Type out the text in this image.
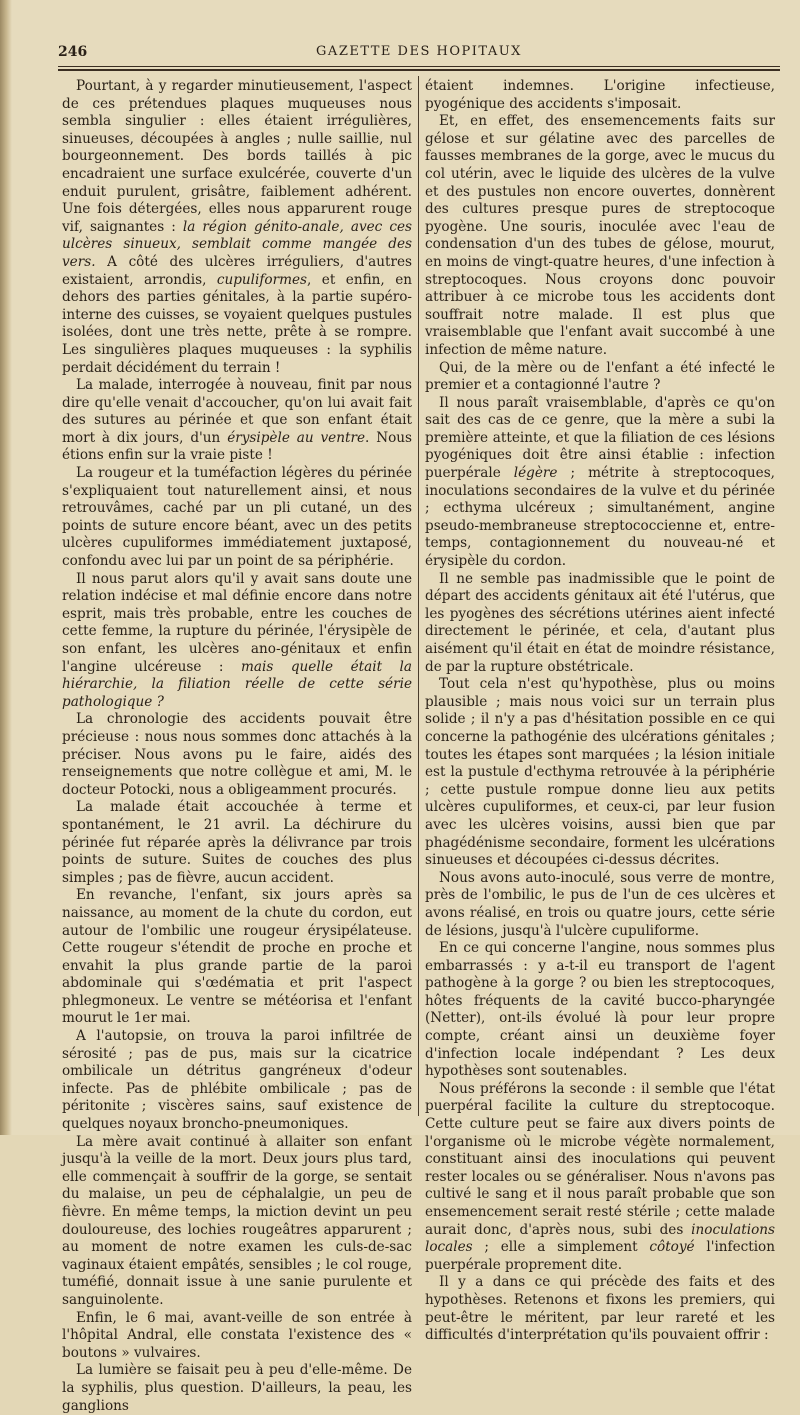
GAZETTE DES HOPITAUX
246

Pourtant, à y regarder minutieusement, l'aspect de ces prétendues plaques muqueuses nous sembla singulier : elles étaient irrégulières, sinueuses, découpées à angles ; nulle saillie, nul bourgeonnement. Des bords taillés à pic encadraient une surface exulcérée, couverte d'un enduit purulent, grisâtre, faiblement adhérent. Une fois détergées, elles nous apparurent rouge vif, saignantes : la région génito-anale, avec ces ulcères sinueux, semblait comme mangée des vers. A côté des ulcères irréguliers, d'autres existaient, arrondis, cupuliformes, et enfin, en dehors des parties génitales, à la partie supéro-interne des cuisses, se voyaient quelques pustules isolées, dont une très nette, prête à se rompre. Les singulières plaques muqueuses : la syphilis perdait décidément du terrain !

La malade, interrogée à nouveau, finit par nous dire qu'elle venait d'accoucher, qu'on lui avait fait des sutures au périnée et que son enfant était mort à dix jours, d'un érysipèle au ventre. Nous étions enfin sur la vraie piste !

La rougeur et la tuméfaction légères du périnée s'expliquaient tout naturellement ainsi, et nous retrouvâmes, caché par un pli cutané, un des points de suture encore béant, avec un des petits ulcères cupuliformes immédiatement juxtaposé, confondu avec lui par un point de sa périphérie.

Il nous parut alors qu'il y avait sans doute une relation indécise et mal définie encore dans notre esprit, mais très probable, entre les couches de cette femme, la rupture du périnée, l'érysipèle de son enfant, les ulcères ano-génitaux et enfin l'angine ulcéreuse : mais quelle était la hiérarchie, la filiation réelle de cette série pathologique ?

La chronologie des accidents pouvait être précieuse : nous nous sommes donc attachés à la préciser. Nous avons pu le faire, aidés des renseignements que notre collègue et ami, M. le docteur Potocki, nous a obligeamment procurés.

La malade était accouchée à terme et spontanément, le 21 avril. La déchirure du périnée fut réparée après la délivrance par trois points de suture. Suites de couches des plus simples ; pas de fièvre, aucun accident.

En revanche, l'enfant, six jours après sa naissance, au moment de la chute du cordon, eut autour de l'ombilic une rougeur érysipélateuse. Cette rougeur s'étendit de proche en proche et envahit la plus grande partie de la paroi abdominale qui s'œdématia et prit l'aspect phlegmoneux. Le ventre se météorisa et l'enfant mourut le 1er mai.

A l'autopsie, on trouva la paroi infiltrée de sérosité ; pas de pus, mais sur la cicatrice ombilicale un détritus gangréneux d'odeur infecte. Pas de phlébite ombilicale ; pas de péritonite ; viscères sains, sauf existence de quelques noyaux broncho-pneumoniques.

La mère avait continué à allaiter son enfant jusqu'à la veille de la mort. Deux jours plus tard, elle commençait à souffrir de la gorge, se sentait du malaise, un peu de céphalalgie, un peu de fièvre. En même temps, la miction devint un peu douloureuse, des lochies rougeâtres apparurent ; au moment de notre examen les culs-de-sac vaginaux étaient empâtés, sensibles ; le col rouge, tuméfié, donnait issue à une sanie purulente et sanguinolente.

Enfin, le 6 mai, avant-veille de son entrée à l'hôpital Andral, elle constata l'existence des « boutons » vulvaires.

La lumière se faisait peu à peu d'elle-même. De la syphilis, plus question. D'ailleurs, la peau, les ganglions

étaient indemnes. L'origine infectieuse, pyogénique des accidents s'imposait.

Et, en effet, des ensemencements faits sur gélose et sur gélatine avec des parcelles de fausses membranes de la gorge, avec le mucus du col utérin, avec le liquide des ulcères de la vulve et des pustules non encore ouvertes, donnèrent des cultures presque pures de streptocoque pyogène. Une souris, inoculée avec l'eau de condensation d'un des tubes de gélose, mourut, en moins de vingt-quatre heures, d'une infection à streptocoques. Nous croyons donc pouvoir attribuer à ce microbe tous les accidents dont souffrait notre malade. Il est plus que vraisemblable que l'enfant avait succombé à une infection de même nature.

Qui, de la mère ou de l'enfant a été infecté le premier et a contagionné l'autre ?

Il nous paraît vraisemblable, d'après ce qu'on sait des cas de ce genre, que la mère a subi la première atteinte, et que la filiation de ces lésions pyogéniques doit être ainsi établie : infection puerpérale légère ; métrite à streptocoques, inoculations secondaires de la vulve et du périnée ; ecthyma ulcéreux ; simultanément, angine pseudo-membraneuse streptococcienne et, entre-temps, contagionnement du nouveau-né et érysipèle du cordon.

Il ne semble pas inadmissible que le point de départ des accidents génitaux ait été l'utérus, que les pyogènes des sécrétions utérines aient infecté directement le périnée, et cela, d'autant plus aisément qu'il était en état de moindre résistance, de par la rupture obstétricale.

Tout cela n'est qu'hypothèse, plus ou moins plausible ; mais nous voici sur un terrain plus solide ; il n'y a pas d'hésitation possible en ce qui concerne la pathogénie des ulcérations génitales ; toutes les étapes sont marquées ; la lésion initiale est la pustule d'ecthyma retrouvée à la périphérie ; cette pustule rompue donne lieu aux petits ulcères cupuliformes, et ceux-ci, par leur fusion avec les ulcères voisins, aussi bien que par phagédénisme secondaire, forment les ulcérations sinueuses et découpées ci-dessus décrites.

Nous avons auto-inoculé, sous verre de montre, près de l'ombilic, le pus de l'un de ces ulcères et avons réalisé, en trois ou quatre jours, cette série de lésions, jusqu'à l'ulcère cupuliforme.

En ce qui concerne l'angine, nous sommes plus embarrassés : y a-t-il eu transport de l'agent pathogène à la gorge ? ou bien les streptocoques, hôtes fréquents de la cavité bucco-pharyngée (Netter), ont-ils évolué là pour leur propre compte, créant ainsi un deuxième foyer d'infection locale indépendant ? Les deux hypothèses sont soutenables.

Nous préférons la seconde : il semble que l'état puerpéral facilite la culture du streptocoque. Cette culture peut se faire aux divers points de l'organisme où le microbe végète normalement, constituant ainsi des inoculations qui peuvent rester locales ou se généraliser. Nous n'avons pas cultivé le sang et il nous paraît probable que son ensemencement serait resté stérile ; cette malade aurait donc, d'après nous, subi des inoculations locales ; elle a simplement côtoyé l'infection puerpérale proprement dite.

Il y a dans ce qui précède des faits et des hypothèses. Retenons et fixons les premiers, qui peut-être le méritent, par leur rareté et les difficultés d'interprétation qu'ils pouvaient offrir :
